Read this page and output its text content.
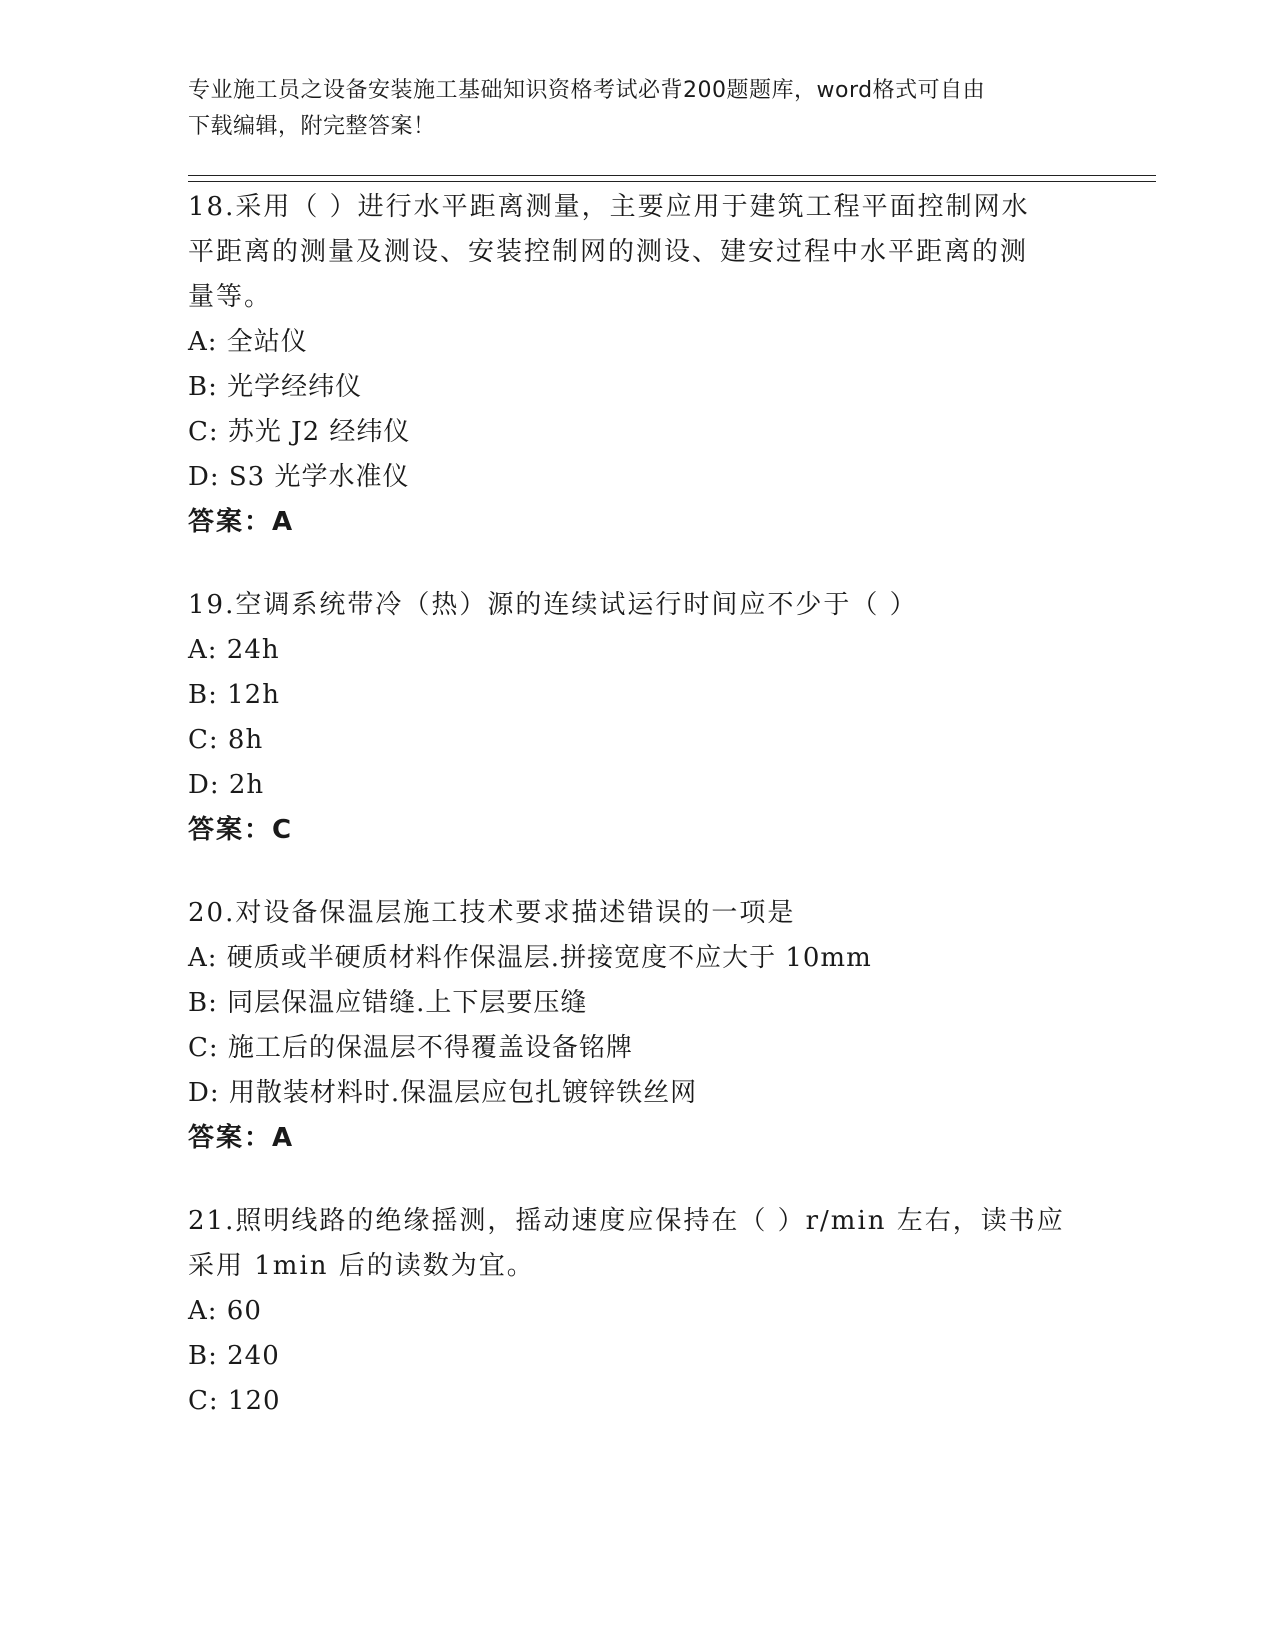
专业施工员之设备安装施工基础知识资格考试必背200题题库，word格式可自由
下载编辑，附完整答案！
18.采用（ ）进行水平距离测量，主要应用于建筑工程平面控制网水
平距离的测量及测设、安装控制网的测设、建安过程中水平距离的测
量等。
A: 全站仪
B: 光学经纬仪
C: 苏光 J2 经纬仪
D: S3 光学水准仪
答案：A
19.空调系统带冷（热）源的连续试运行时间应不少于（ ）
A: 24h
B: 12h
C: 8h
D: 2h
答案：C
20.对设备保温层施工技术要求描述错误的一项是
A: 硬质或半硬质材料作保温层.拼接宽度不应大于 10mm
B: 同层保温应错缝.上下层要压缝
C: 施工后的保温层不得覆盖设备铭牌
D: 用散装材料时.保温层应包扎镀锌铁丝网
答案：A
21.照明线路的绝缘摇测，摇动速度应保持在（ ）r/min 左右，读书应
采用 1min 后的读数为宜。
A: 60
B: 240
C: 120
